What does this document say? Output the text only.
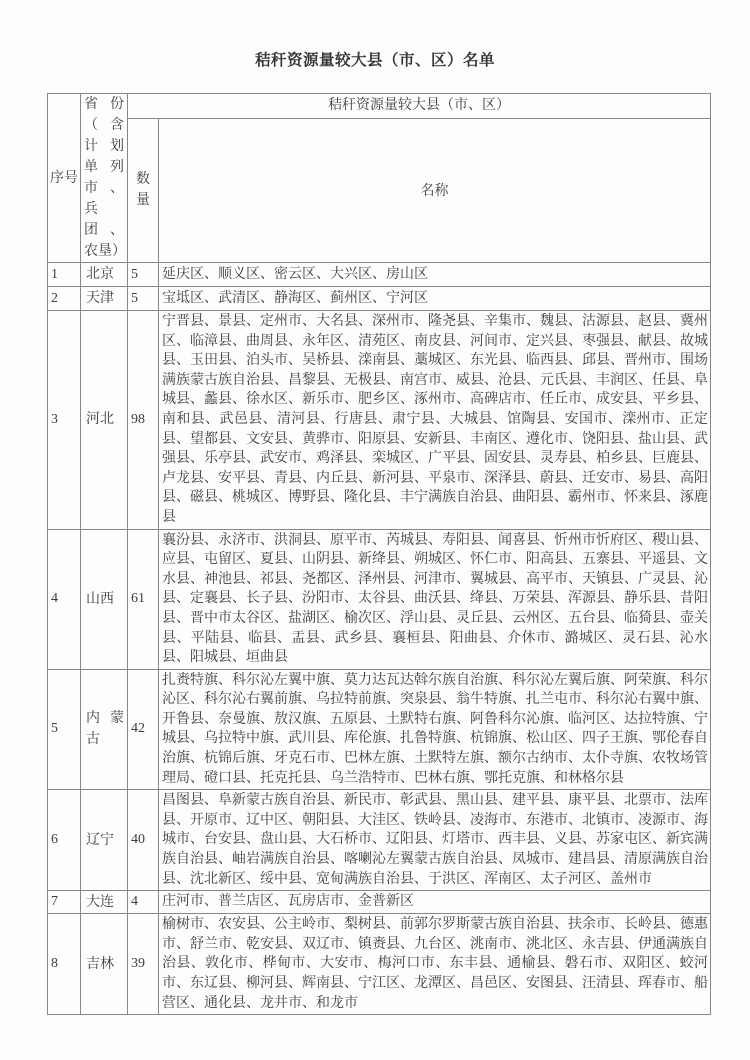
秸秆资源量较大县（市、区）名单
序号	省份（含计划单列市、兵团、农垦）	秸秆资源量较大县（市、区）	
		数量	名称
1	北京	5	延庆区、顺义区、密云区、大兴区、房山区
2	天津	5	宝坻区、武清区、静海区、蓟州区、宁河区
3	河北	98	宁晋县、景县、定州市、大名县、深州市、隆尧县、辛集市、魏县、沽源县、赵县、冀州区、临漳县、曲周县、永年区、清苑区、南皮县、河间市、定兴县、枣强县、献县、故城县、玉田县、泊头市、吴桥县、滦南县、藁城区、东光县、临西县、邱县、晋州市、围场满族蒙古族自治县、昌黎县、无极县、南宫市、威县、沧县、元氏县、丰润区、任县、阜城县、蠡县、徐水区、新乐市、肥乡区、涿州市、高碑店市、任丘市、成安县、平乡县、南和县、武邑县、清河县、行唐县、肃宁县、大城县、馆陶县、安国市、滦州市、正定县、望都县、文安县、黄骅市、阳原县、安新县、丰南区、遵化市、饶阳县、盐山县、武强县、乐亭县、武安市、鸡泽县、栾城区、广平县、固安县、灵寿县、柏乡县、巨鹿县、卢龙县、安平县、青县、内丘县、新河县、平泉市、深泽县、蔚县、迁安市、易县、高阳县、磁县、桃城区、博野县、隆化县、丰宁满族自治县、曲阳县、霸州市、怀来县、涿鹿县
4	山西	61	襄汾县、永济市、洪洞县、原平市、芮城县、寿阳县、闻喜县、忻州市忻府区、稷山县、应县、屯留区、夏县、山阴县、新绛县、朔城区、怀仁市、阳高县、五寨县、平遥县、文水县、神池县、祁县、尧都区、泽州县、河津市、翼城县、高平市、天镇县、广灵县、沁县、定襄县、长子县、汾阳市、太谷县、曲沃县、绛县、万荣县、浑源县、静乐县、昔阳县、晋中市太谷区、盐湖区、榆次区、浮山县、灵丘县、云州区、五台县、临猗县、壶关县、平陆县、临县、盂县、武乡县、襄桓县、阳曲县、介休市、潞城区、灵石县、沁水县、阳城县、垣曲县
5	内蒙古	42	扎赉特旗、科尔沁左翼中旗、莫力达瓦达斡尔族自治旗、科尔沁左翼后旗、阿荣旗、科尔沁区、科尔沁右翼前旗、乌拉特前旗、突泉县、翁牛特旗、扎兰屯市、科尔沁右翼中旗、开鲁县、奈曼旗、敖汉旗、五原县、土默特右旗、阿鲁科尔沁旗、临河区、达拉特旗、宁城县、乌拉特中旗、武川县、库伦旗、扎鲁特旗、杭锦旗、松山区、四子王旗、鄂伦春自治旗、杭锦后旗、牙克石市、巴林左旗、土默特左旗、额尔古纳市、太仆寺旗、农牧场管理局、磴口县、托克托县、乌兰浩特市、巴林右旗、鄂托克旗、和林格尔县
6	辽宁	40	昌图县、阜新蒙古族自治县、新民市、彰武县、黑山县、建平县、康平县、北票市、法库县、开原市、辽中区、朝阳县、大洼区、铁岭县、凌海市、东港市、北镇市、凌源市、海城市、台安县、盘山县、大石桥市、辽阳县、灯塔市、西丰县、义县、苏家屯区、新宾满族自治县、岫岩满族自治县、喀喇沁左翼蒙古族自治县、凤城市、建昌县、清原满族自治县、沈北新区、绥中县、宽甸满族自治县、于洪区、浑南区、太子河区、盖州市
7	大连	4	庄河市、普兰店区、瓦房店市、金普新区
8	吉林	39	榆树市、农安县、公主岭市、梨树县、前郭尔罗斯蒙古族自治县、扶余市、长岭县、德惠市、舒兰市、乾安县、双辽市、镇赉县、九台区、洮南市、洮北区、永吉县、伊通满族自治县、敦化市、桦甸市、大安市、梅河口市、东丰县、通榆县、磐石市、双阳区、蛟河市、东辽县、柳河县、辉南县、宁江区、龙潭区、昌邑区、安图县、汪清县、珲春市、船营区、通化县、龙井市、和龙市
